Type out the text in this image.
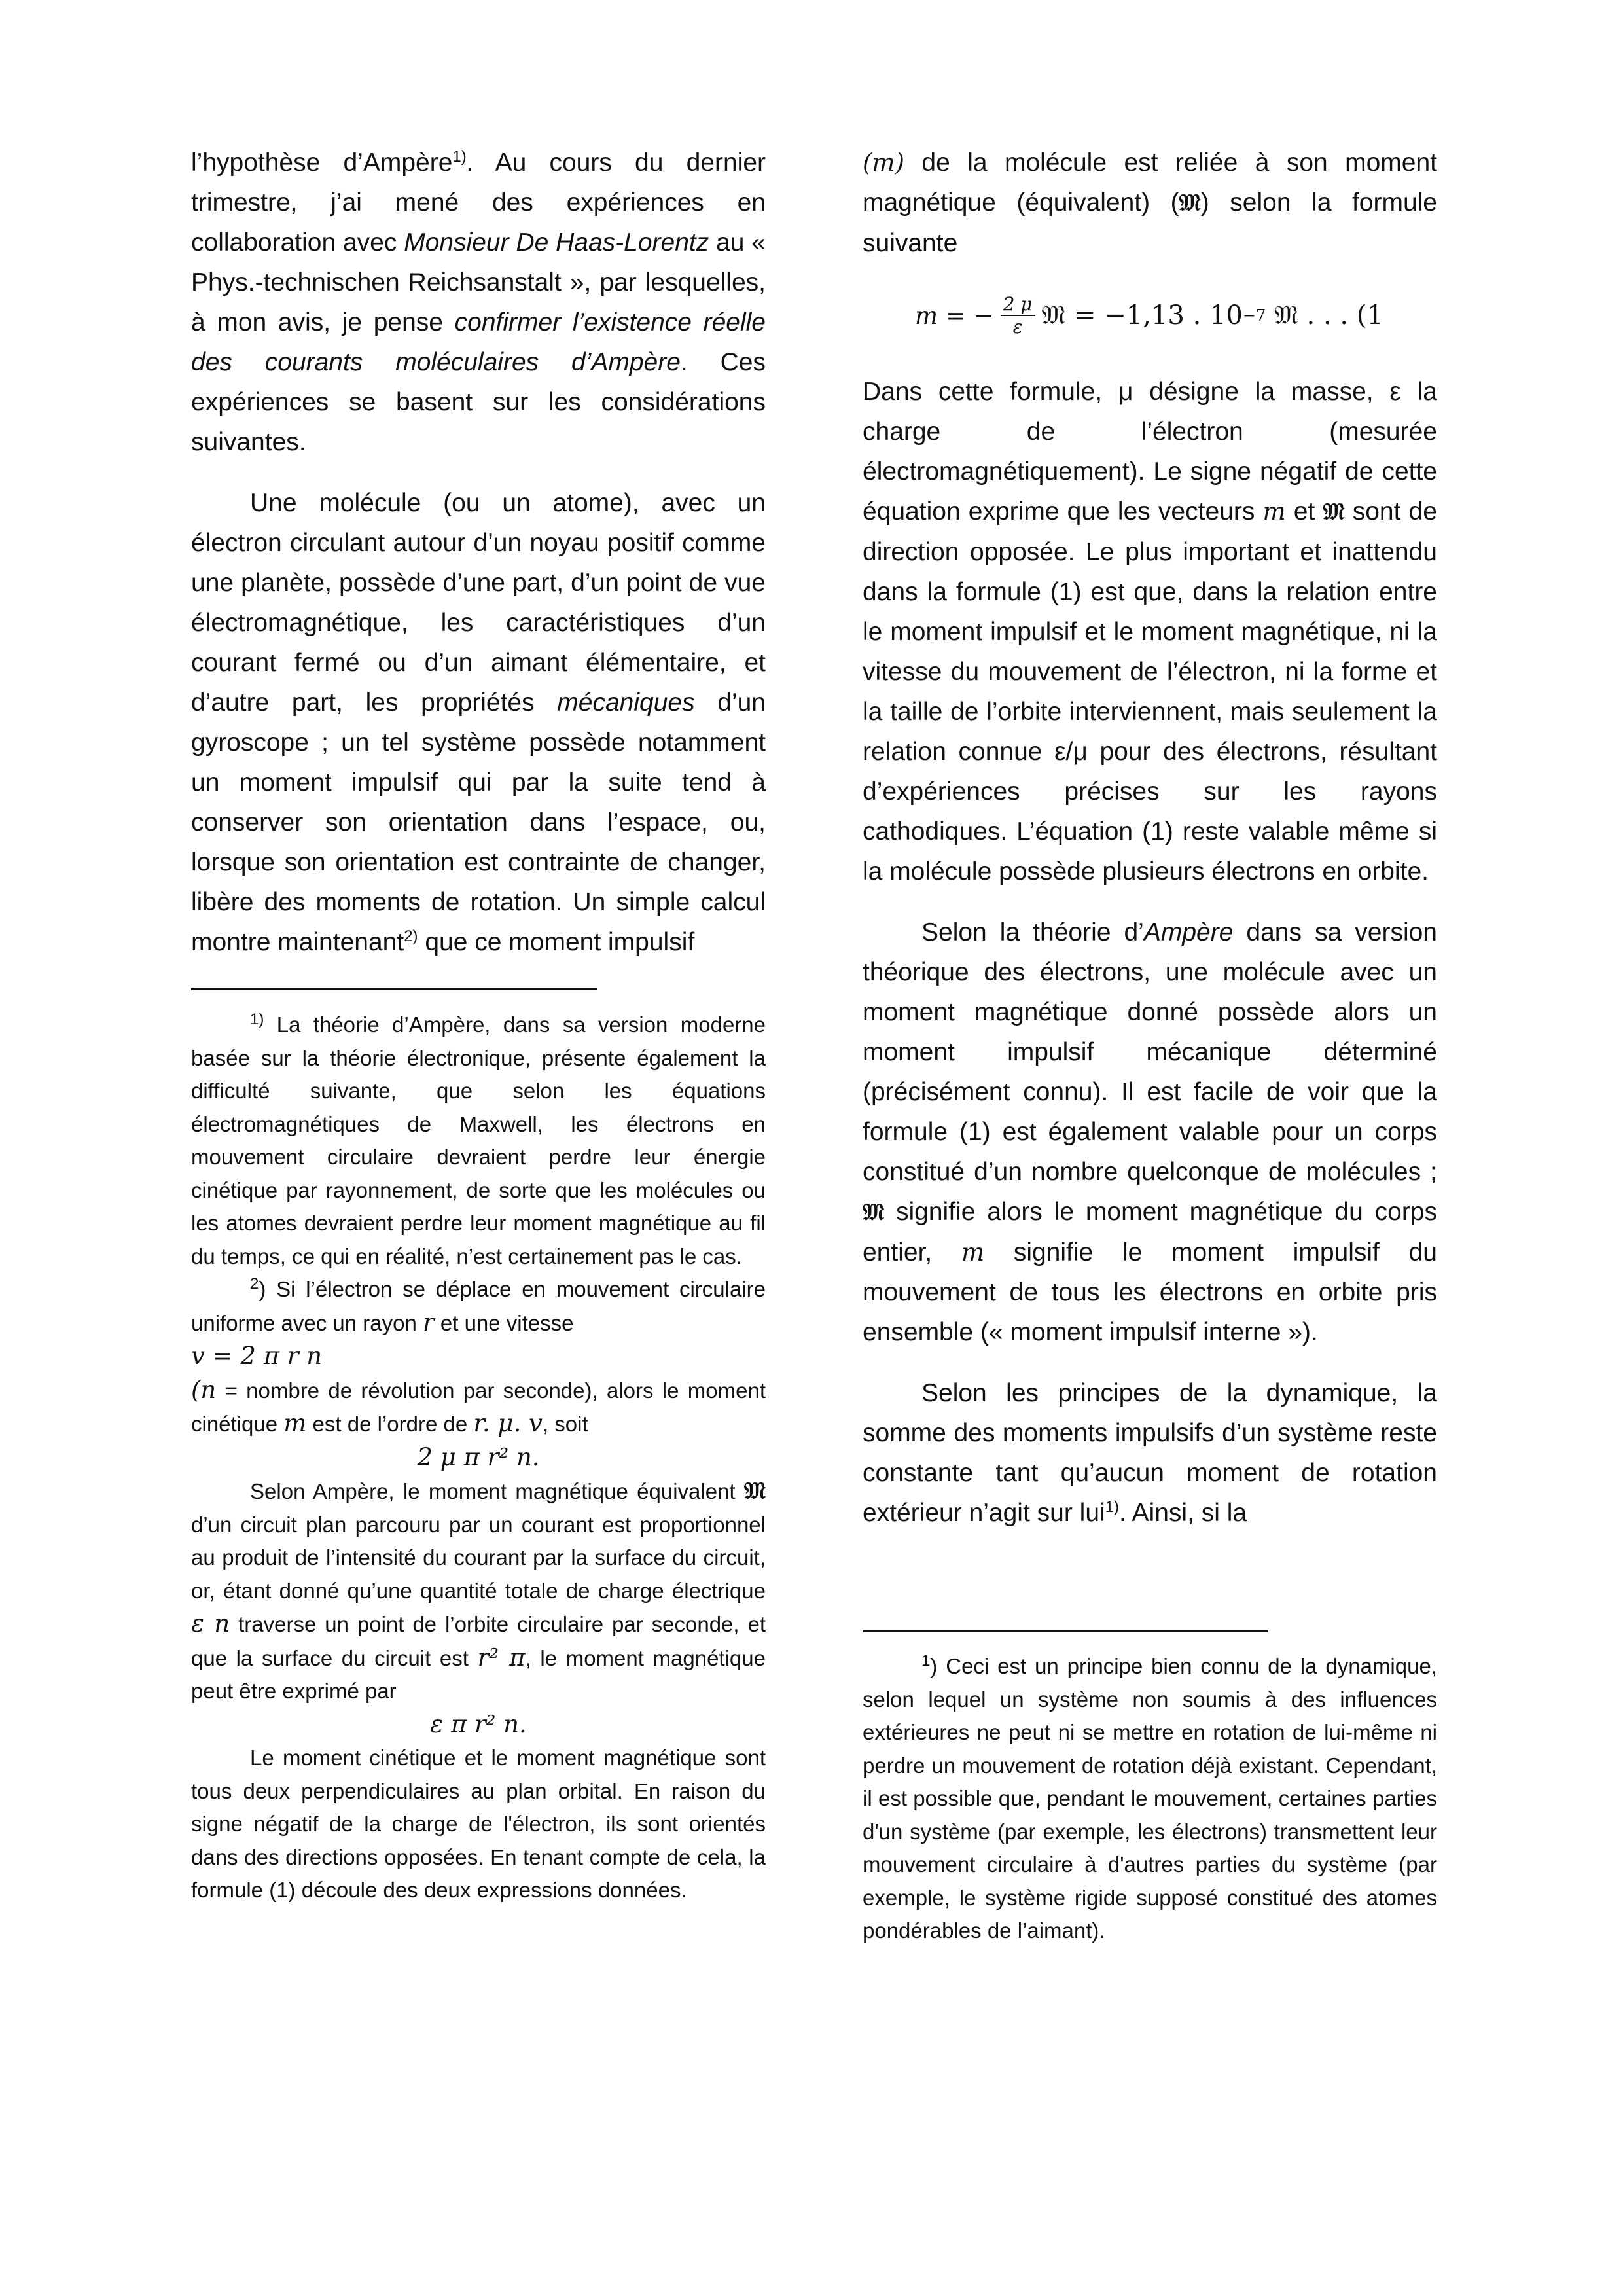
l’hypothèse d’Ampère$^{1)}$. Au cours du dernier trimestre, j’ai mené des expériences en collaboration avec Monsieur De Haas-Lorentz au « Phys.-technischen Reichsanstalt », par lesquelles, à mon avis, je pense confirmer l’existence réelle des courants moléculaires d’Ampère. Ces expériences se basent sur les considérations suivantes.

Une molécule (ou un atome), avec un électron circulant autour d’un noyau positif comme une planète, possède d’une part, d’un point de vue électromagnétique, les caractéristiques d’un courant fermé ou d’un aimant élémentaire, et d’autre part, les propriétés mécaniques d’un gyroscope ; un tel système possède notamment un moment impulsif qui par la suite tend à conserver son orientation dans l’espace, ou, lorsque son orientation est contrainte de changer, libère des moments de rotation. Un simple calcul montre maintenant$^{2)}$ que ce moment impulsif

$^{1)}$ La théorie d’Ampère, dans sa version moderne basée sur la théorie électronique, présente également la difficulté suivante, que selon les équations électromagnétiques de Maxwell, les électrons en mouvement circulaire devraient perdre leur énergie cinétique par rayonnement, de sorte que les molécules ou les atomes devraient perdre leur moment magnétique au fil du temps, ce qui en réalité, n’est certainement pas le cas.

$^2$) Si l’électron se déplace en mouvement circulaire uniforme avec un rayon r et une vitesse

v = 2 π r n

(n = nombre de révolution par seconde), alors le moment cinétique m est de l’ordre de r. μ. v, soit

2 μ π r² n.

Selon Ampère, le moment magnétique équivalent 𝔐 d’un circuit plan parcouru par un courant est proportionnel au produit de l’intensité du courant par la surface du circuit, or, étant donné qu’une quantité totale de charge électrique ε n traverse un point de l’orbite circulaire par seconde, et que la surface du circuit est r² π, le moment magnétique peut être exprimé par

ε π r² n.

Le moment cinétique et le moment magnétique sont tous deux perpendiculaires au plan orbital. En raison du signe négatif de la charge de l'électron, ils sont orientés dans des directions opposées. En tenant compte de cela, la formule (1) découle des deux expressions données.

(m) de la molécule est reliée à son moment magnétique (équivalent) (𝔐) selon la formule suivante

m = − $\frac{2 \mu}{\varepsilon}$ 𝔐 = −1,13 . 10 −7
𝔐 . . . (1

Dans cette formule, μ désigne la masse, ε la charge de l’électron (mesurée électromagnétiquement). Le signe négatif de cette équation exprime que les vecteurs m et 𝔐 sont de direction opposée. Le plus important et inattendu dans la formule (1) est que, dans la relation entre le moment impulsif et le moment magnétique, ni la vitesse du mouvement de l’électron, ni la forme et la taille de l’orbite interviennent, mais seulement la relation connue ε/μ pour des électrons, résultant d’expériences précises sur les rayons cathodiques. L’équation (1) reste valable même si la molécule possède plusieurs électrons en orbite.

Selon la théorie d’Ampère dans sa version théorique des électrons, une molécule avec un moment magnétique donné possède alors un moment impulsif mécanique déterminé (précisément connu). Il est facile de voir que la formule (1) est également valable pour un corps constitué d’un nombre quelconque de molécules ; 𝔐 signifie alors le moment magnétique du corps entier, m signifie le moment impulsif du mouvement de tous les électrons en orbite pris ensemble (« moment impulsif interne »).

Selon les principes de la dynamique, la somme des moments impulsifs d’un système reste constante tant qu’aucun moment de rotation extérieur n’agit sur lui$^{1)}$. Ainsi, si la

$^1$) Ceci est un principe bien connu de la dynamique, selon lequel un système non soumis à des influences extérieures ne peut ni se mettre en rotation de lui-même ni perdre un mouvement de rotation déjà existant. Cependant, il est possible que, pendant le mouvement, certaines parties d'un système (par exemple, les électrons) transmettent leur mouvement circulaire à d'autres parties du système (par exemple, le système rigide supposé constitué des atomes pondérables de l’aimant).
